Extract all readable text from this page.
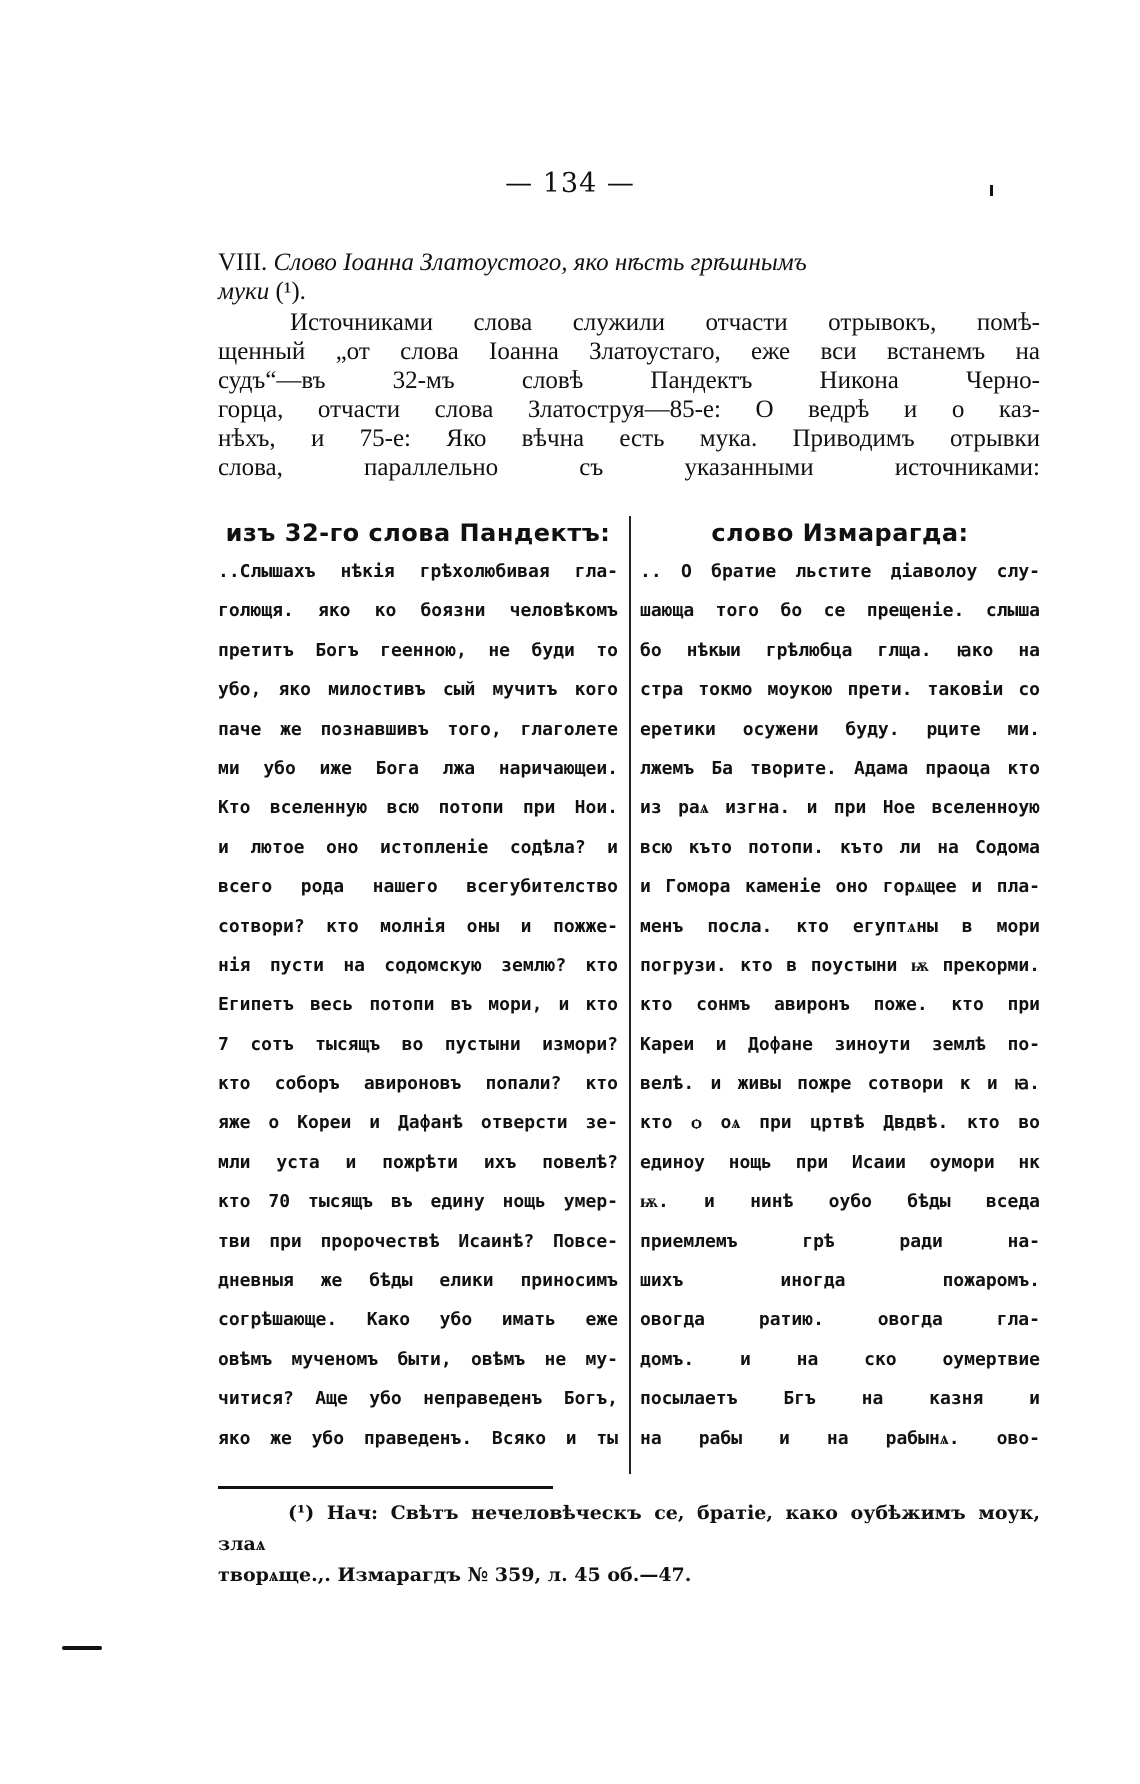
— 134 —

VIII. Слово Іоанна Златоустого, яко нѣсть грѣшнымъ
муки (¹).

Источниками слова служили отчасти отрывокъ, помѣ-
щенный „от слова Іоанна Златоустаго, еже вси встанемъ на
судъ“—въ 32-мъ словѣ Пандектъ Никона Черно-
горца, отчасти слова Златоструя—85-е: О ведрѣ и о каз-
нѣхъ, и 75-е: Яко вѣчна есть мука. Приводимъ отрывки
слова, параллельно съ указанными источниками:
изъ 32-го слова Пандектъ:
..Слышахъ нѣкія грѣхолюбивая гла-
голющя. яко ко боязни человѣкомъ
претитъ Богъ геенною, не буди то
убо, яко милостивъ сый мучитъ кого
паче же познавшивъ того, глаголете
ми убо иже Бога лжа наричающеи.
Кто вселенную всю потопи при Нои.
и лютое оно истопленіе содѣла? и
всего рода нашего всегубителство
сотвори? кто молнія оны и пожже-
нія пусти на содомскую землю? кто
Египетъ весь потопи въ мори, и кто
7 сотъ тысящъ во пустыни измори?
кто соборъ авироновъ попали? кто
яже о Кореи и Дафанѣ отверсти зе-
мли уста и пожрѣти ихъ повелѣ?
кто 70 тысящъ въ едину нощь умер-
тви при пророчествѣ Исаинѣ? Повсе-
дневныя же бѣды елики приносимъ
согрѣшающе. Како убо имать еже
овѣмъ мученомъ быти, овѣмъ не му-
читися? Аще убо неправеденъ Богъ,
яко же убо праведенъ. Всяко и ты
слово Измарагда:
.. О братие льстите діаволоу слу-
шающа того бо се прещеніе. слыша
бо нѣкыи грѣлюбца глща. ꙗко на
стра токмо моукою прети. таковіи со
еретики осужени буду. рците ми.
лжемъ Ба творите. Адама праоца кто
из раѧ изгна. и при Ное вселенноую
всю къто потопи. къто ли на Содома
и Гомора каменіе оно горѧщее и пла-
менъ посла. кто егуптѧны в мори
погрузи. кто в поустыни ѭ прекорми.
кто сонмъ авиронъ поже. кто при
Кареи и Дофане зиноути землѣ по-
велѣ. и живы пожре сотвори к и ꙗ.
кто ѻ оѧ при цртвѣ Двдвѣ. кто во
единоу нощь при Исаии оумори нк
ѭ. и нинѣ оубо бѣды вседа
приемлемъ грѣ ради на-
шихъ иногда пожаромъ.
овогда ратию. овогда гла-
домъ. и на ско оумертвие
посылаетъ Бгъ на казня и
на рабы и на рабынѧ. ово-

(¹) Нач: Свѣтъ нечеловѣческъ се, братіе, како оубѣжимъ моук, злаѧ

творѧще.,. Измарагдъ № 359, л. 45 об.—47.
